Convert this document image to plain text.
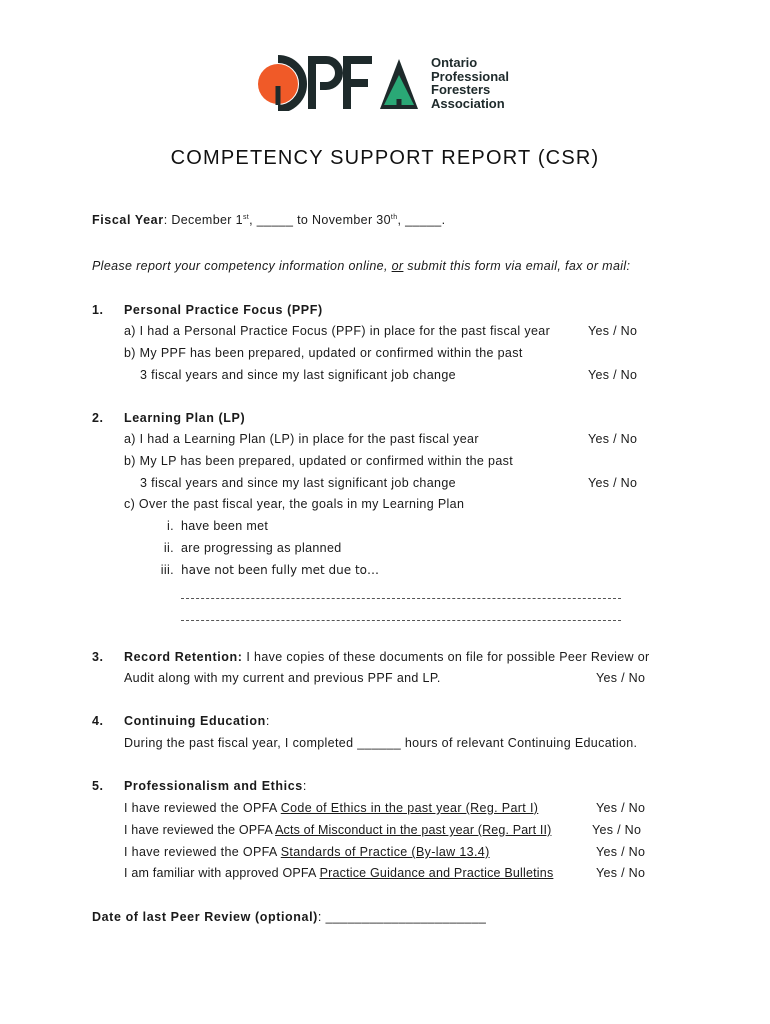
Ontario
Professional
Foresters
Association
COMPETENCY SUPPORT REPORT (CSR)
Fiscal Year: December 1st, _____ to November 30th, _____.
Please report your competency information online, or submit this form via email, fax or mail:
1. Personal Practice Focus (PPF)
a) I had a Personal Practice Focus (PPF) in place for the past fiscal year	Yes / No
b) My PPF has been prepared, updated or confirmed within the past
3 fiscal years and since my last significant job change	Yes / No
2. Learning Plan (LP)
a) I had a Learning Plan (LP) in place for the past fiscal year	Yes / No
b) My LP has been prepared, updated or confirmed within the past
3 fiscal years and since my last significant job change	Yes / No
c) Over the past fiscal year, the goals in my Learning Plan
i. have been met
ii. are progressing as planned
iii. have not been fully met due to…
3. Record Retention: I have copies of these documents on file for possible Peer Review or
Audit along with my current and previous PPF and LP.	Yes / No
4. Continuing Education:
During the past fiscal year, I completed ______ hours of relevant Continuing Education.
5. Professionalism and Ethics:
I have reviewed the OPFA Code of Ethics in the past year (Reg. Part I)	Yes / No
I have reviewed the OPFA Acts of Misconduct in the past year (Reg. Part II)	Yes / No
I have reviewed the OPFA Standards of Practice (By-law 13.4)	Yes / No
I am familiar with approved OPFA Practice Guidance and Practice Bulletins	Yes / No
Date of last Peer Review (optional): ______________________
